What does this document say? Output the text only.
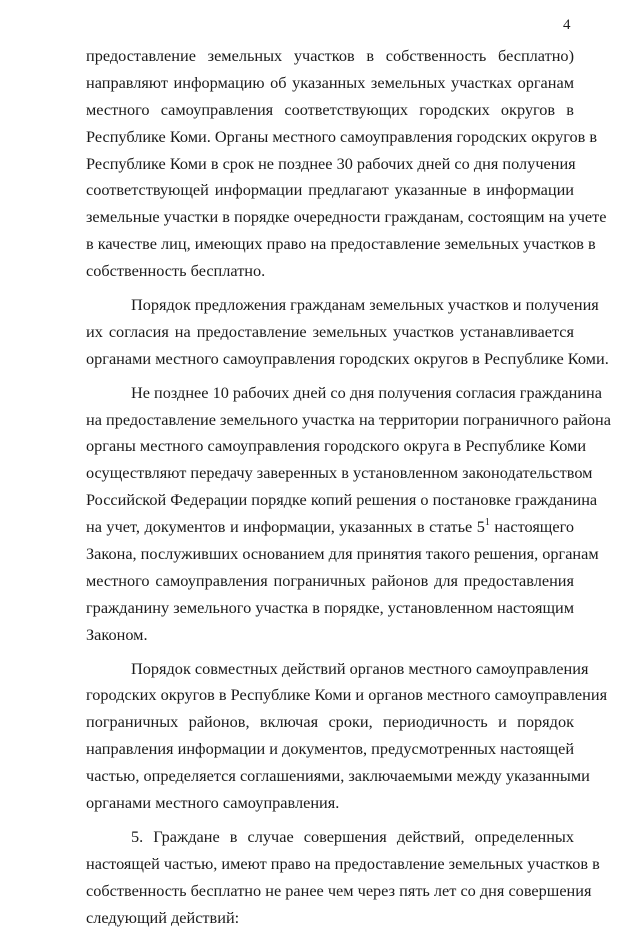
4
предоставление земельных участков в собственность бесплатно)
направляют информацию об указанных земельных участках органам
местного самоуправления соответствующих городских округов в
Республике Коми. Органы местного самоуправления городских округов в
Республике Коми в срок не позднее 30 рабочих дней со дня получения
соответствующей информации предлагают указанные в информации
земельные участки в порядке очередности гражданам, состоящим на учете
в качестве лиц, имеющих право на предоставление земельных участков в
собственность бесплатно.
Порядок предложения гражданам земельных участков и получения
их согласия на предоставление земельных участков устанавливается
органами местного самоуправления городских округов в Республике Коми.
Не позднее 10 рабочих дней со дня получения согласия гражданина
на предоставление земельного участка на территории пограничного района
органы местного самоуправления городского округа в Республике Коми
осуществляют передачу заверенных в установленном законодательством
Российской Федерации порядке копий решения о постановке гражданина
на учет, документов и информации, указанных в статье $5^1$ настоящего
Закона, послуживших основанием для принятия такого решения, органам
местного самоуправления пограничных районов для предоставления
гражданину земельного участка в порядке, установленном настоящим
Законом.
Порядок совместных действий органов местного самоуправления
городских округов в Республике Коми и органов местного самоуправления
пограничных районов, включая сроки, периодичность и порядок
направления информации и документов, предусмотренных настоящей
частью, определяется соглашениями, заключаемыми между указанными
органами местного самоуправления.
5. Граждане в случае совершения действий, определенных
настоящей частью, имеют право на предоставление земельных участков в
собственность бесплатно не ранее чем через пять лет со дня совершения
следующий действий:
